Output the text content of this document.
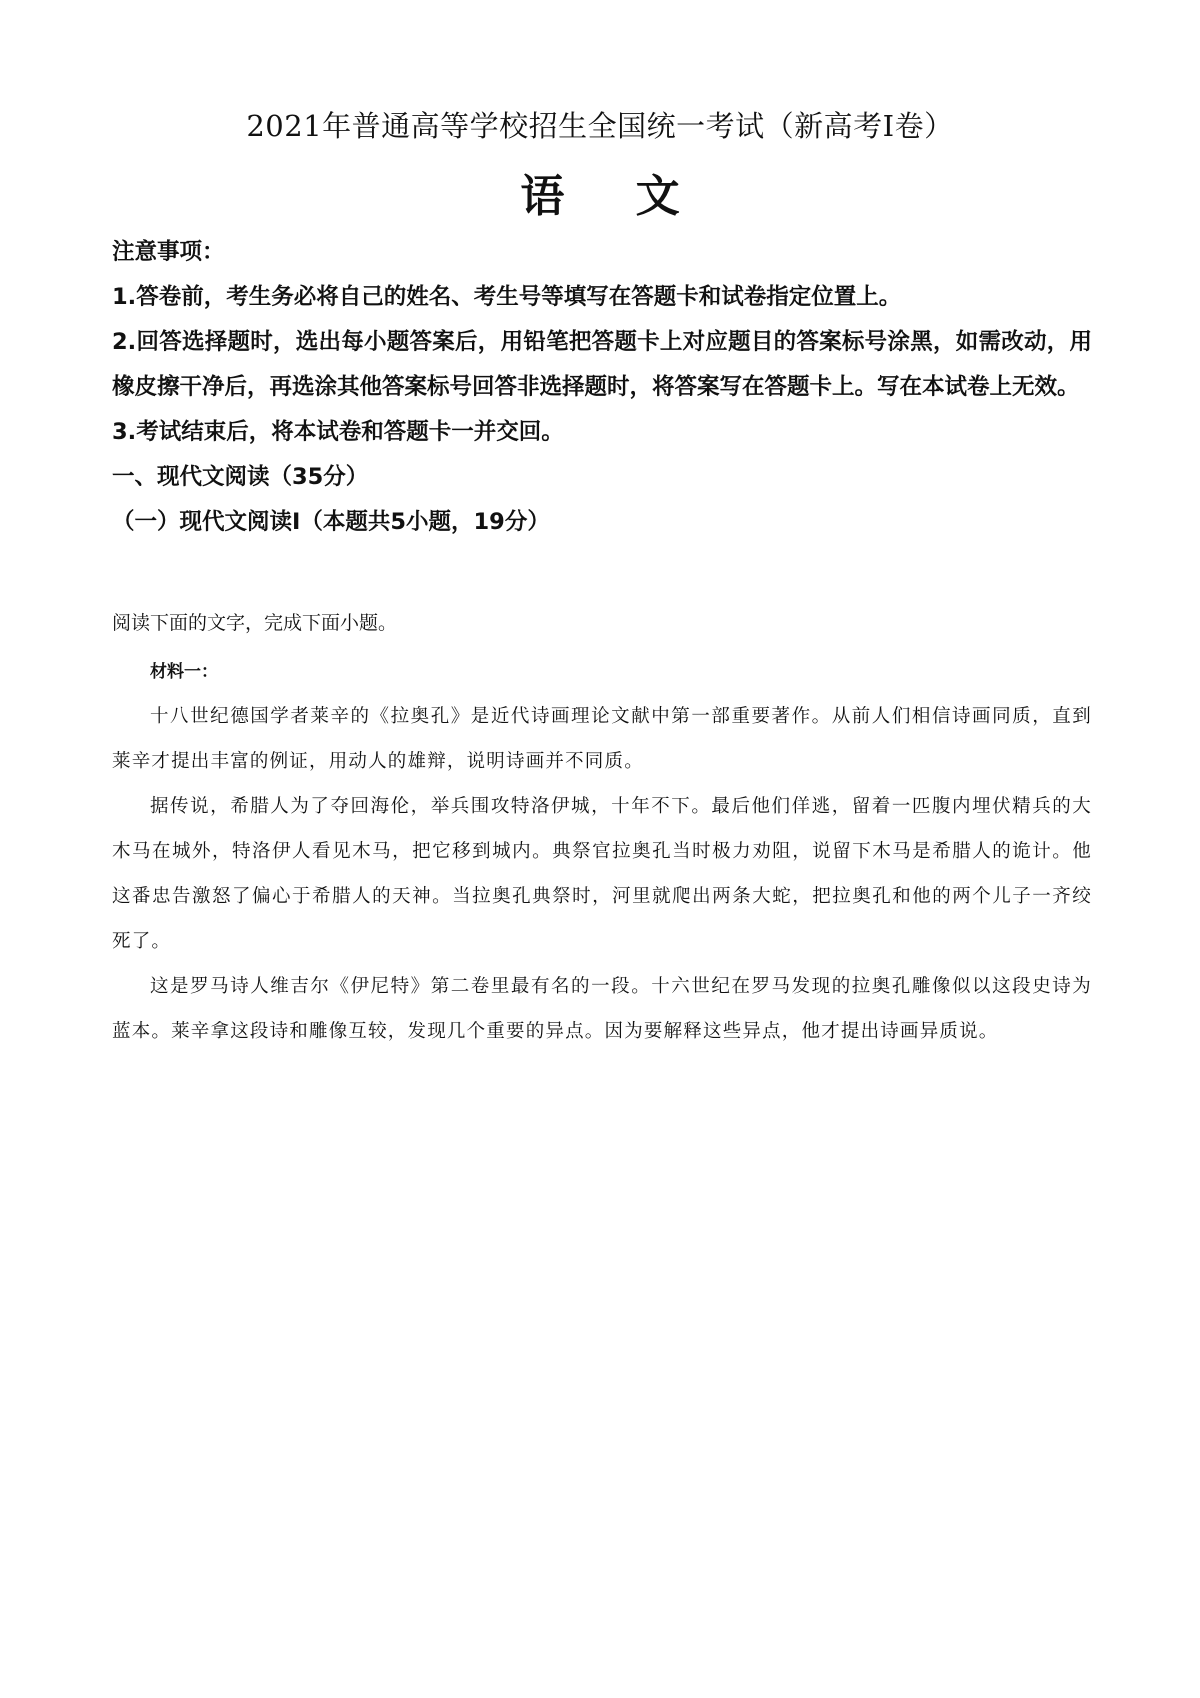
2021年普通高等学校招生全国统一考试（新高考Ⅰ卷）
语 文

注意事项：

1.答卷前，考生务必将自己的姓名、考生号等填写在答题卡和试卷指定位置上。

2.回答选择题时，选出每小题答案后，用铅笔把答题卡上对应题目的答案标号涂黑，如需改动，用橡皮擦干净后，再选涂其他答案标号回答非选择题时，将答案写在答题卡上。写在本试卷上无效。

3.考试结束后，将本试卷和答题卡一并交回。

一、现代文阅读（35分）

（一）现代文阅读Ⅰ（本题共5小题，19分）

阅读下面的文字，完成下面小题。

材料一：

十八世纪德国学者莱辛的《拉奥孔》是近代诗画理论文献中第一部重要著作。从前人们相信诗画同质，直到莱辛才提出丰富的例证，用动人的雄辩，说明诗画并不同质。

据传说，希腊人为了夺回海伦，举兵围攻特洛伊城，十年不下。最后他们佯逃，留着一匹腹内埋伏精兵的大木马在城外，特洛伊人看见木马，把它移到城内。典祭官拉奥孔当时极力劝阻，说留下木马是希腊人的诡计。他这番忠告激怒了偏心于希腊人的天神。当拉奥孔典祭时，河里就爬出两条大蛇，把拉奥孔和他的两个儿子一齐绞死了。

这是罗马诗人维吉尔《伊尼特》第二卷里最有名的一段。十六世纪在罗马发现的拉奥孔雕像似以这段史诗为蓝本。莱辛拿这段诗和雕像互较，发现几个重要的异点。因为要解释这些异点，他才提出诗画异质说。
